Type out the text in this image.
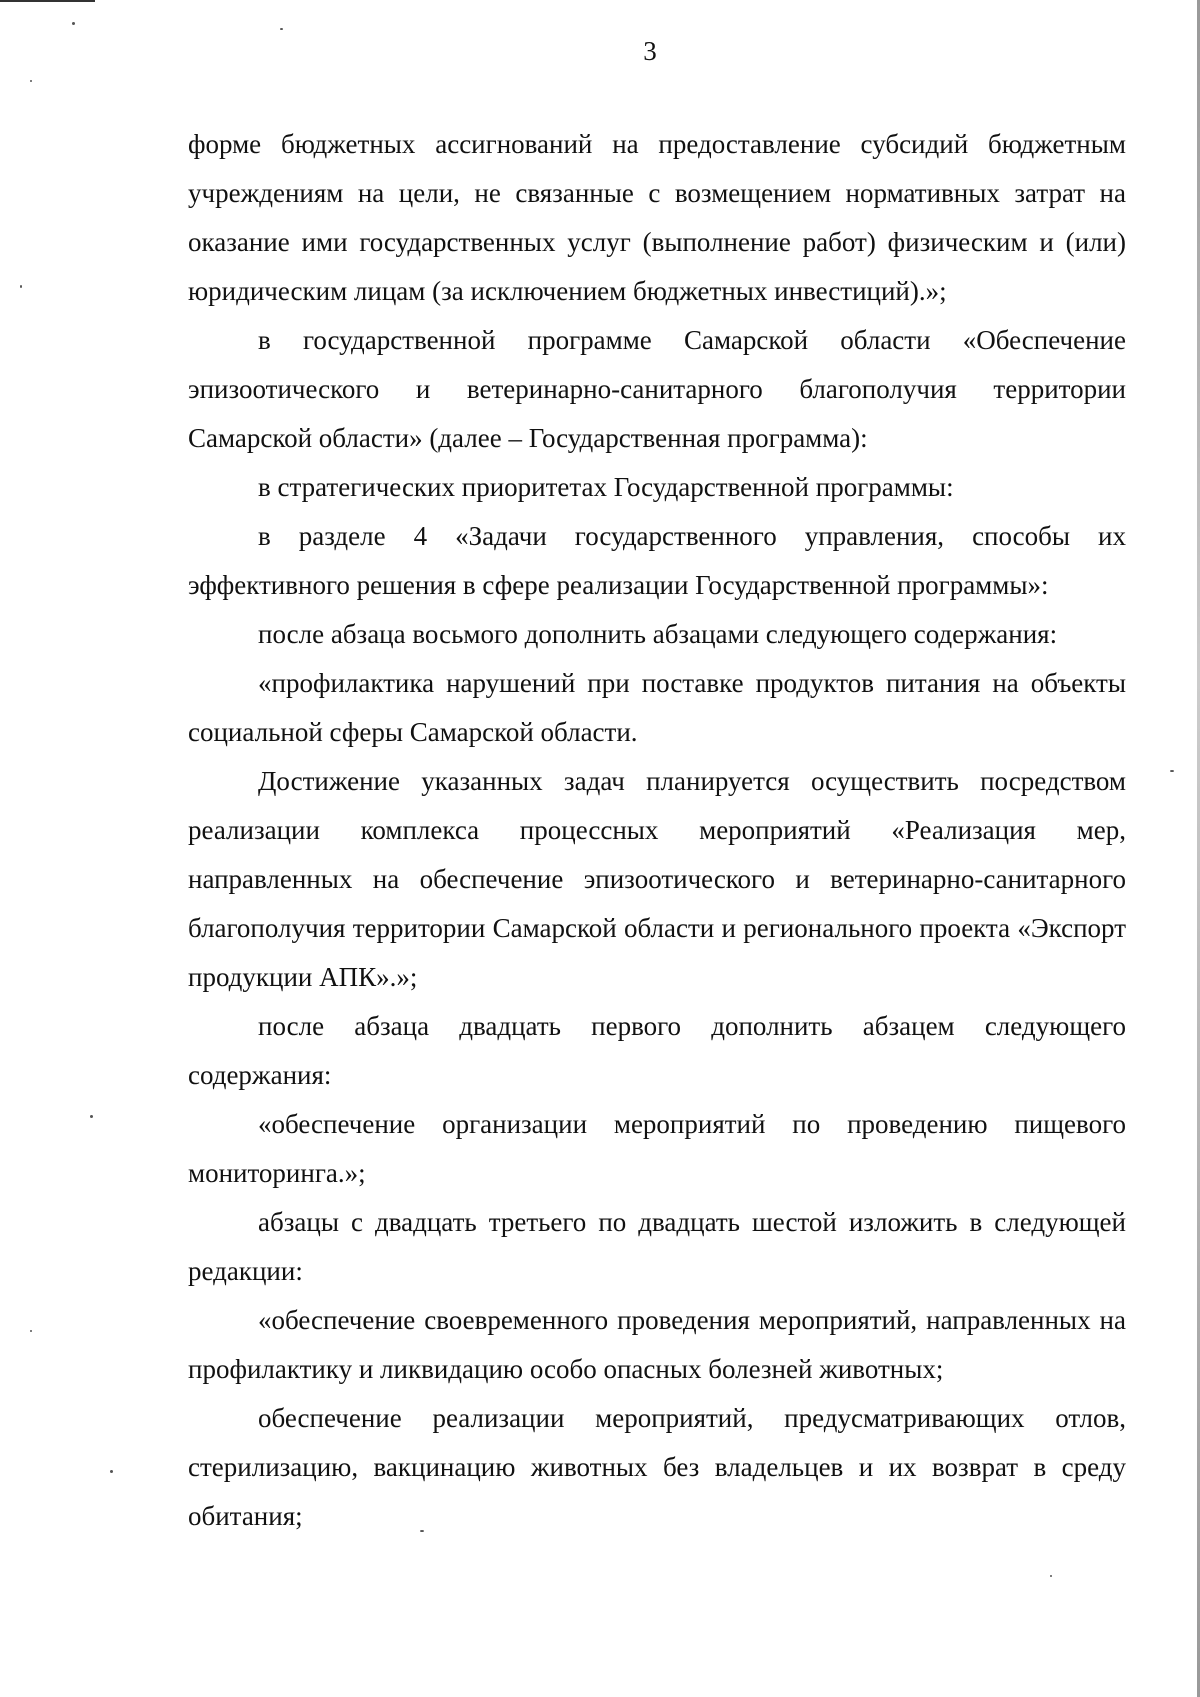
3

форме бюджетных ассигнований на предоставление субсидий бюджетным учреждениям на цели, не связанные с возмещением нормативных затрат на оказание ими государственных услуг (выполнение работ) физическим и (или) юридическим лицам (за исключением бюджетных инвестиций).»;

в государственной программе Самарской области «Обеспечение эпизоотического и ветеринарно-санитарного благополучия территории Самарской области» (далее – Государственная программа):

в стратегических приоритетах Государственной программы:

в разделе 4 «Задачи государственного управления, способы их эффективного решения в сфере реализации Государственной программы»:

после абзаца восьмого дополнить абзацами следующего содержания:

«профилактика нарушений при поставке продуктов питания на объекты социальной сферы Самарской области.

Достижение указанных задач планируется осуществить посредством реализации комплекса процессных мероприятий «Реализация мер, направленных на обеспечение эпизоотического и ветеринарно-санитарного благополучия территории Самарской области и регионального проекта «Экспорт продукции АПК».»;

после абзаца двадцать первого дополнить абзацем следующего содержания:

«обеспечение организации мероприятий по проведению пищевого мониторинга.»;

абзацы с двадцать третьего по двадцать шестой изложить в следующей редакции:

«обеспечение своевременного проведения мероприятий, направленных на профилактику и ликвидацию особо опасных болезней животных;

обеспечение реализации мероприятий, предусматривающих отлов, стерилизацию, вакцинацию животных без владельцев и их возврат в среду обитания;
